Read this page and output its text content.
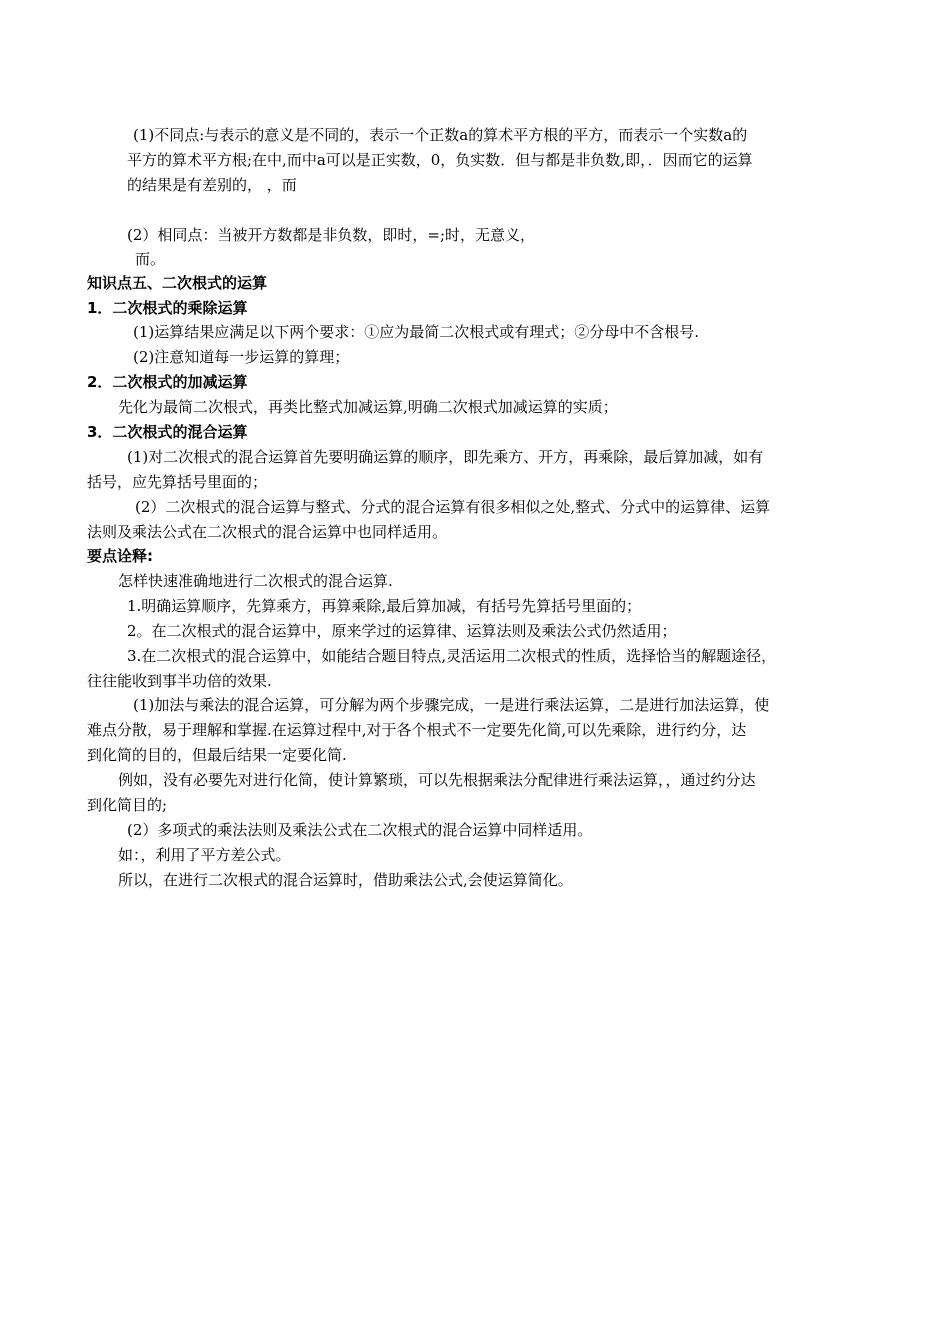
(1)不同点:与表示的意义是不同的，表示一个正数a的算术平方根的平方，而表示一个实数a的
平方的算术平方根;在中,而中a可以是正实数，0，负实数．但与都是非负数,即，．因而它的运算
的结果是有差别的， ，而
(2）相同点：当被开方数都是非负数，即时，=;时，无意义，
而。
知识点五、二次根式的运算
1．二次根式的乘除运算
(1)运算结果应满足以下两个要求：①应为最简二次根式或有理式；②分母中不含根号.
(2)注意知道每一步运算的算理；
2．二次根式的加减运算
先化为最简二次根式，再类比整式加减运算,明确二次根式加减运算的实质；
3．二次根式的混合运算
(1)对二次根式的混合运算首先要明确运算的顺序，即先乘方、开方，再乘除，最后算加减，如有
括号，应先算括号里面的；
(2）二次根式的混合运算与整式、分式的混合运算有很多相似之处,整式、分式中的运算律、运算
法则及乘法公式在二次根式的混合运算中也同样适用。
要点诠释:
怎样快速准确地进行二次根式的混合运算.
1.明确运算顺序，先算乘方，再算乘除,最后算加减，有括号先算括号里面的；
2。在二次根式的混合运算中，原来学过的运算律、运算法则及乘法公式仍然适用；
3.在二次根式的混合运算中，如能结合题目特点,灵活运用二次根式的性质，选择恰当的解题途径，
往往能收到事半功倍的效果.
(1)加法与乘法的混合运算，可分解为两个步骤完成，一是进行乘法运算，二是进行加法运算，使
难点分散，易于理解和掌握.在运算过程中,对于各个根式不一定要先化简,可以先乘除，进行约分，达
到化简的目的，但最后结果一定要化简.
例如，没有必要先对进行化简，使计算繁琐，可以先根据乘法分配律进行乘法运算，，通过约分达
到化简目的;
(2）多项式的乘法法则及乘法公式在二次根式的混合运算中同样适用。
如：，利用了平方差公式。
所以，在进行二次根式的混合运算时，借助乘法公式,会使运算简化。
